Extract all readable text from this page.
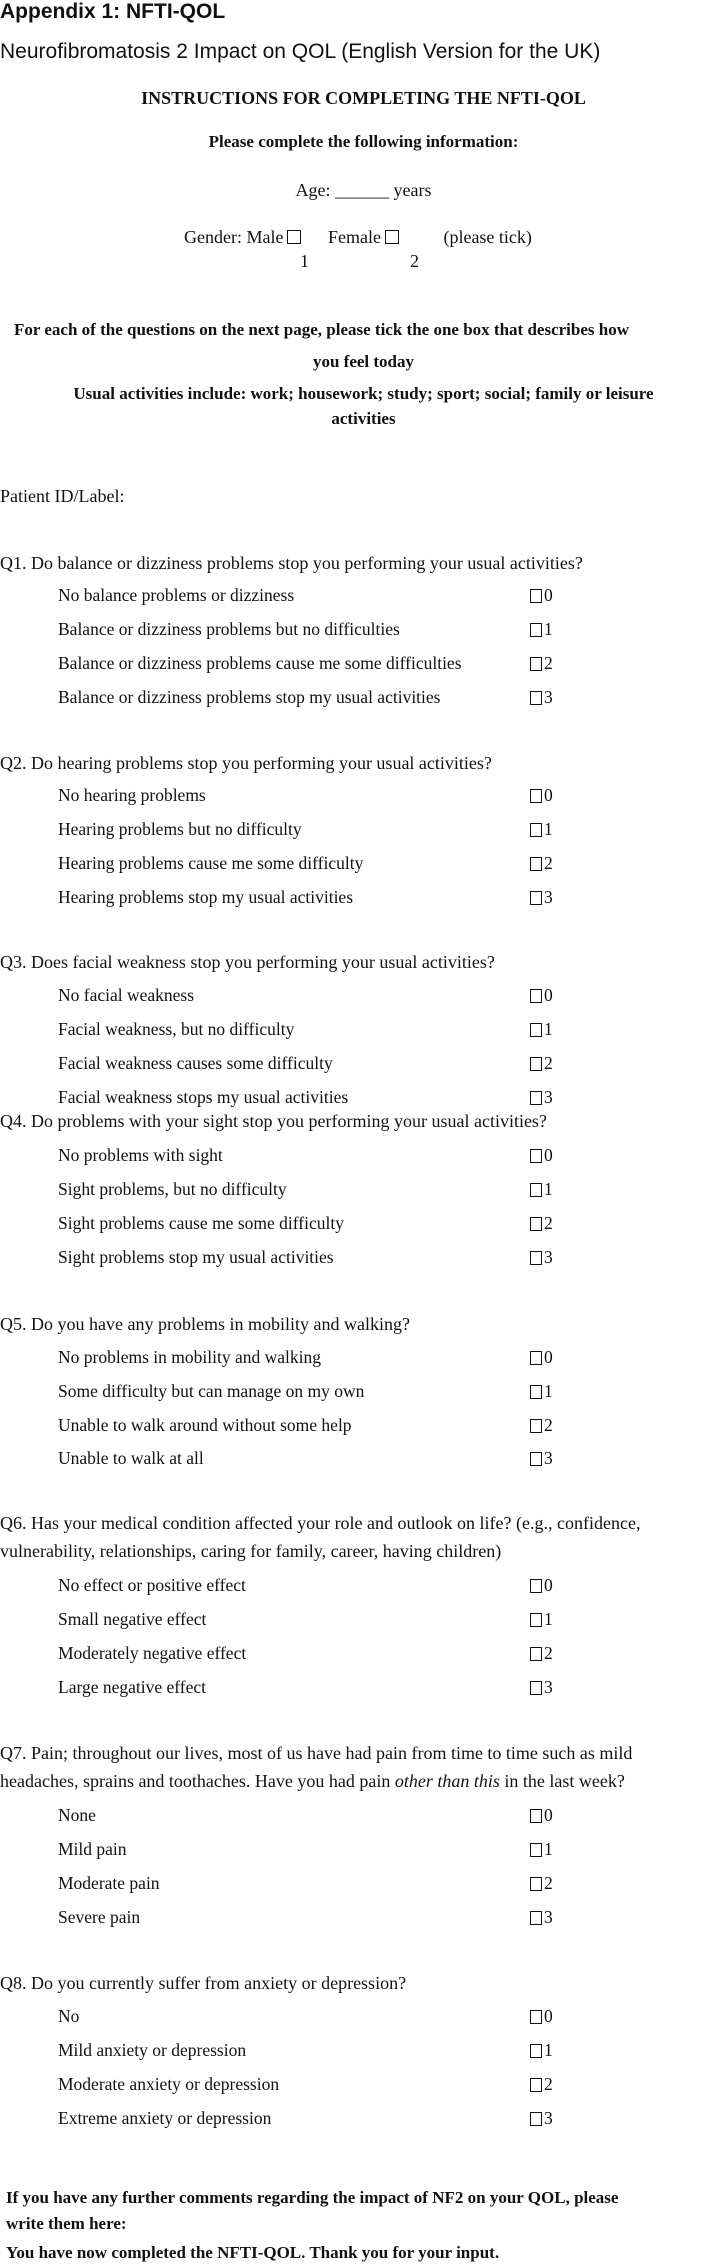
Appendix 1: NFTI-QOL
Neurofibromatosis 2 Impact on QOL (English Version for the UK)
INSTRUCTIONS FOR COMPLETING THE NFTI-QOL
Please complete the following information:
Age: ______ years
Gender: Male Female	(please tick)
1	2
For each of the questions on the next page, please tick the one box that describes how
you feel today
Usual activities include: work; housework; study; sport; social; family or leisure
activities
Patient ID/Label:
Q1. Do balance or dizziness problems stop you performing your usual activities?
No balance problems or dizziness	0
Balance or dizziness problems but no difficulties	1
Balance or dizziness problems cause me some difficulties	2
Balance or dizziness problems stop my usual activities	3
Q2. Do hearing problems stop you performing your usual activities?
No hearing problems	0
Hearing problems but no difficulty	1
Hearing problems cause me some difficulty	2
Hearing problems stop my usual activities	3
Q3. Does facial weakness stop you performing your usual activities?
No facial weakness	0
Facial weakness, but no difficulty	1
Facial weakness causes some difficulty	2
Facial weakness stops my usual activities	3
Q4. Do problems with your sight stop you performing your usual activities?
No problems with sight	0
Sight problems, but no difficulty	1
Sight problems cause me some difficulty	2
Sight problems stop my usual activities	3
Q5. Do you have any problems in mobility and walking?
No problems in mobility and walking	0
Some difficulty but can manage on my own	1
Unable to walk around without some help	2
Unable to walk at all	3
Q6. Has your medical condition affected your role and outlook on life? (e.g., confidence,
vulnerability, relationships, caring for family, career, having children)
No effect or positive effect	0
Small negative effect	1
Moderately negative effect	2
Large negative effect	3
Q7. Pain; throughout our lives, most of us have had pain from time to time such as mild
headaches, sprains and toothaches. Have you had pain other than this in the last week?
None	0
Mild pain	1
Moderate pain	2
Severe pain	3
Q8. Do you currently suffer from anxiety or depression?
No	0
Mild anxiety or depression	1
Moderate anxiety or depression	2
Extreme anxiety or depression	3
If you have any further comments regarding the impact of NF2 on your QOL, please
write them here:
You have now completed the NFTI-QOL. Thank you for your input.
